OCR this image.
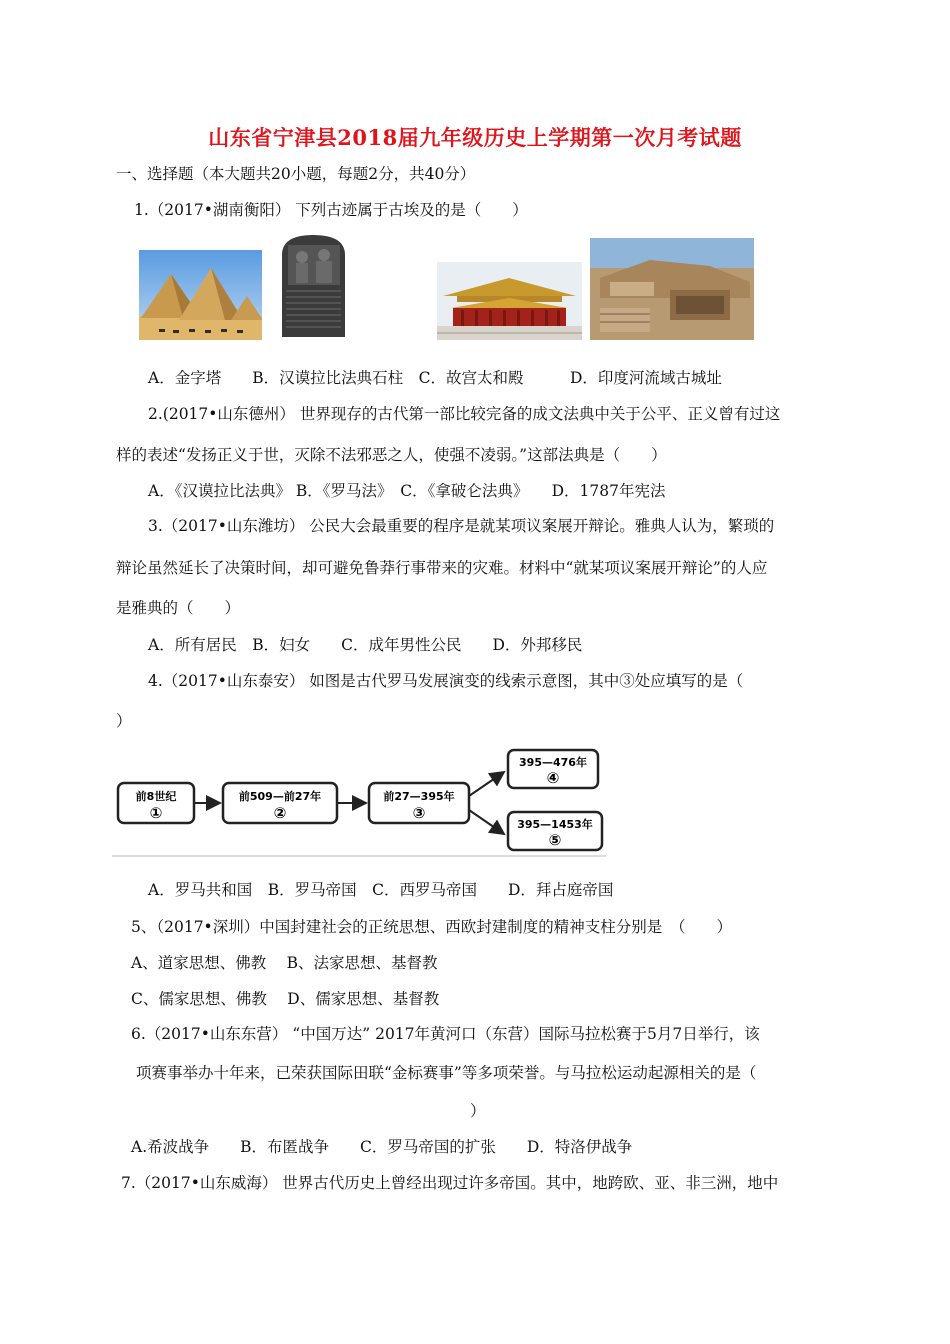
山东省宁津县2018届九年级历史上学期第一次月考试题
一、选择题（本大题共20小题，每题2分，共40分）
1.（2017•湖南衡阳） 下列古迹属于古埃及的是（　　）
A．金字塔　　B．汉谟拉比法典石柱　C．故宫太和殿　　　D．印度河流域古城址
2.(2017•山东德州） 世界现存的古代第一部比较完备的成文法典中关于公平、正义曾有过这
样的表述“发扬正义于世，灭除不法邪恶之人，使强不凌弱。”这部法典是（　　）
A．《汉谟拉比法典》 B．《罗马法》　C．《拿破仑法典》　　D．1787年宪法
3.（2017•山东潍坊） 公民大会最重要的程序是就某项议案展开辩论。雅典人认为，繁琐的
辩论虽然延长了决策时间，却可避免鲁莽行事带来的灾难。材料中“就某项议案展开辩论”的人应
是雅典的（　　）
A．所有居民　B．妇女　　C．成年男性公民　　D．外邦移民
4.（2017•山东泰安） 如图是古代罗马发展演变的线索示意图，其中③处应填写的是（
）
前8世纪
①
前509—前27年
②
前27—395年
③
395—476年
④
395—1453年
⑤
A．罗马共和国　B．罗马帝国　C．西罗马帝国　　D．拜占庭帝国
5、（2017•深圳）中国封建社会的正统思想、西欧封建制度的精神支柱分别是　（　　）
A、道家思想、佛教　 B、法家思想、基督教
C、儒家思想、佛教　 D、儒家思想、基督教
6.（2017•山东东营） “中国万达” 2017年黄河口（东营）国际马拉松赛于5月7日举行，该
项赛事举办十年来，已荣获国际田联“金标赛事”等多项荣誉。与马拉松运动起源相关的是（
）
A.希波战争　　B．布匿战争　　C．罗马帝国的扩张　　D．特洛伊战争
7.（2017•山东威海） 世界古代历史上曾经出现过许多帝国。其中，地跨欧、亚、非三洲，地中
